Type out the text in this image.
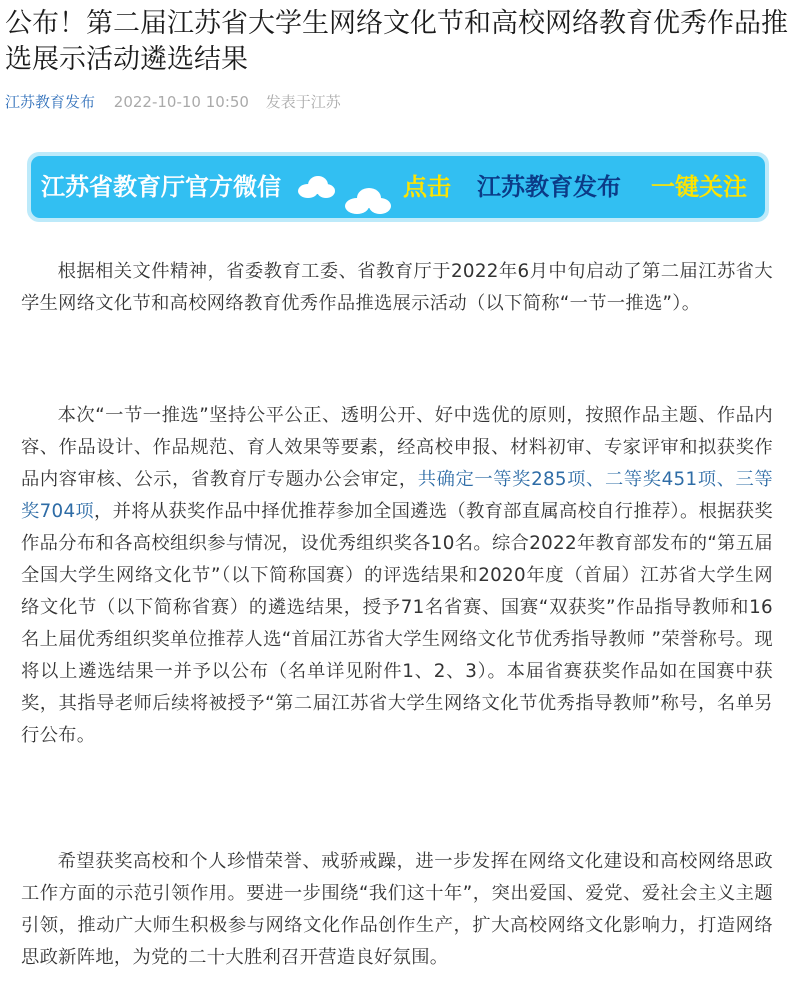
公布！第二届江苏省大学生网络文化节和高校网络教育优秀作品推选展示活动遴选结果
江苏教育发布 2022-10-10 10:50 发表于江苏
江苏省教育厅官方微信	点击 江苏教育发布 一键关注

根据相关文件精神，省委教育工委、省教育厅于2022年6月中旬启动了第二届江苏省大学生网络文化节和高校网络教育优秀作品推选展示活动（以下简称“一节一推选”）。

本次“一节一推选”坚持公平公正、透明公开、好中选优的原则，按照作品主题、作品内容、作品设计、作品规范、育人效果等要素，经高校申报、材料初审、专家评审和拟获奖作品内容审核、公示，省教育厅专题办公会审定，共确定一等奖285项、二等奖451项、三等奖704项，并将从获奖作品中择优推荐参加全国遴选（教育部直属高校自行推荐）。根据获奖作品分布和各高校组织参与情况，设优秀组织奖各10名。综合2022年教育部发布的“第五届全国大学生网络文化节”（以下简称国赛）的评选结果和2020年度（首届）江苏省大学生网络文化节（以下简称省赛）的遴选结果，授予71名省赛、国赛“双获奖”作品指导教师和16名上届优秀组织奖单位推荐人选“首届江苏省大学生网络文化节优秀指导教师 ”荣誉称号。现将以上遴选结果一并予以公布（名单详见附件1、2、3）。本届省赛获奖作品如在国赛中获奖，其指导老师后续将被授予“第二届江苏省大学生网络文化节优秀指导教师”称号，名单另行公布。

希望获奖高校和个人珍惜荣誉、戒骄戒躁，进一步发挥在网络文化建设和高校网络思政工作方面的示范引领作用。要进一步围绕“我们这十年”，突出爱国、爱党、爱社会主义主题引领，推动广大师生积极参与网络文化作品创作生产，扩大高校网络文化影响力，打造网络思政新阵地，为党的二十大胜利召开营造良好氛围。
